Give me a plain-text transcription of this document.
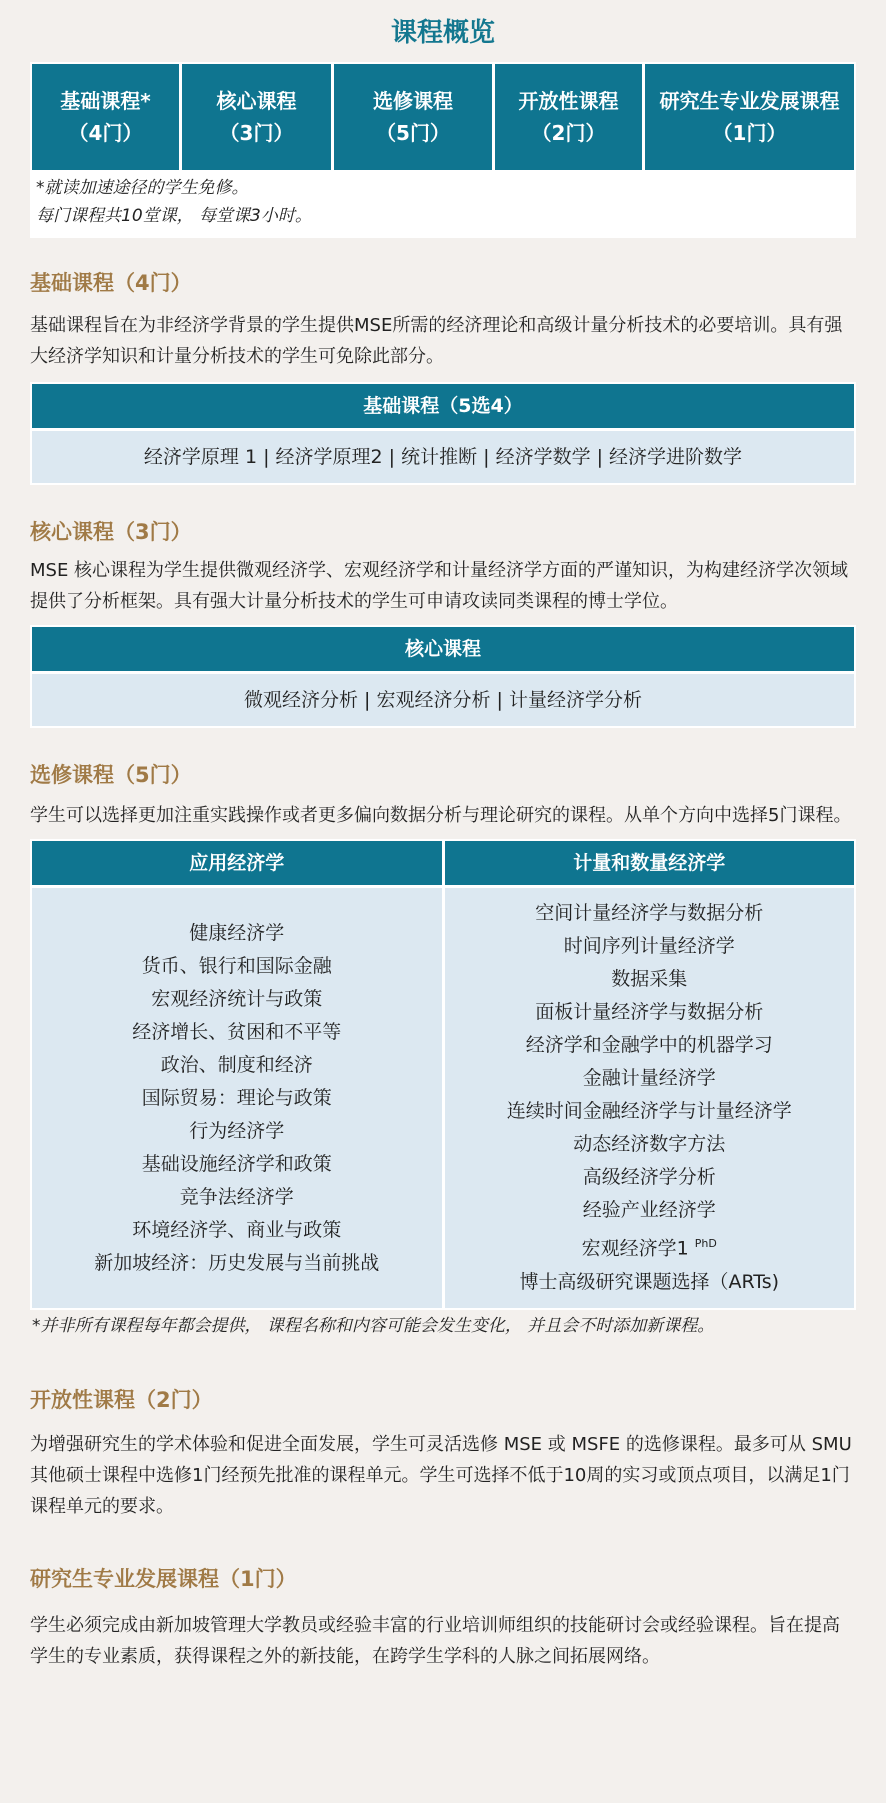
课程概览
基础课程*
（4门）
核心课程
（3门）
选修课程
（5门）
开放性课程
（2门）
研究生专业发展课程
（1门）
*就读加速途径的学生免修。
每门课程共10堂课， 每堂课3小时。
基础课程（4门）
基础课程旨在为非经济学背景的学生提供MSE所需的经济理论和高级计量分析技术的必要培训。具有强大经济学知识和计量分析技术的学生可免除此部分。
基础课程（5选4）
经济学原理 1 | 经济学原理2 | 统计推断 | 经济学数学 | 经济学进阶数学
核心课程（3门）
MSE 核心课程为学生提供微观经济学、宏观经济学和计量经济学方面的严谨知识，为构建经济学次领域提供了分析框架。具有强大计量分析技术的学生可申请攻读同类课程的博士学位。
核心课程
微观经济分析 | 宏观经济分析 | 计量经济学分析
选修课程（5门）
学生可以选择更加注重实践操作或者更多偏向数据分析与理论研究的课程。从单个方向中选择5门课程。
应用经济学
健康经济学
货币、银行和国际金融
宏观经济统计与政策
经济增长、贫困和不平等
政治、制度和经济
国际贸易：理论与政策
行为经济学
基础设施经济学和政策
竞争法经济学
环境经济学、商业与政策
新加坡经济：历史发展与当前挑战
计量和数量经济学
空间计量经济学与数据分析
时间序列计量经济学
数据采集
面板计量经济学与数据分析
经济学和金融学中的机器学习
金融计量经济学
连续时间金融经济学与计量经济学
动态经济数字方法
高级经济学分析
经验产业经济学
宏观经济学1 $^{PhD}$
博士高级研究课题选择（ARTs)
*并非所有课程每年都会提供， 课程名称和内容可能会发生变化， 并且会不时添加新课程。
开放性课程（2门）
为增强研究生的学术体验和促进全面发展，学生可灵活选修 MSE 或 MSFE 的选修课程。最多可从 SMU 其他硕士课程中选修1门经预先批准的课程单元。学生可选择不低于10周的实习或顶点项目，以满足1门课程单元的要求。
研究生专业发展课程（1门）
学生必须完成由新加坡管理大学教员或经验丰富的行业培训师组织的技能研讨会或经验课程。旨在提高学生的专业素质，获得课程之外的新技能，在跨学生学科的人脉之间拓展网络。
